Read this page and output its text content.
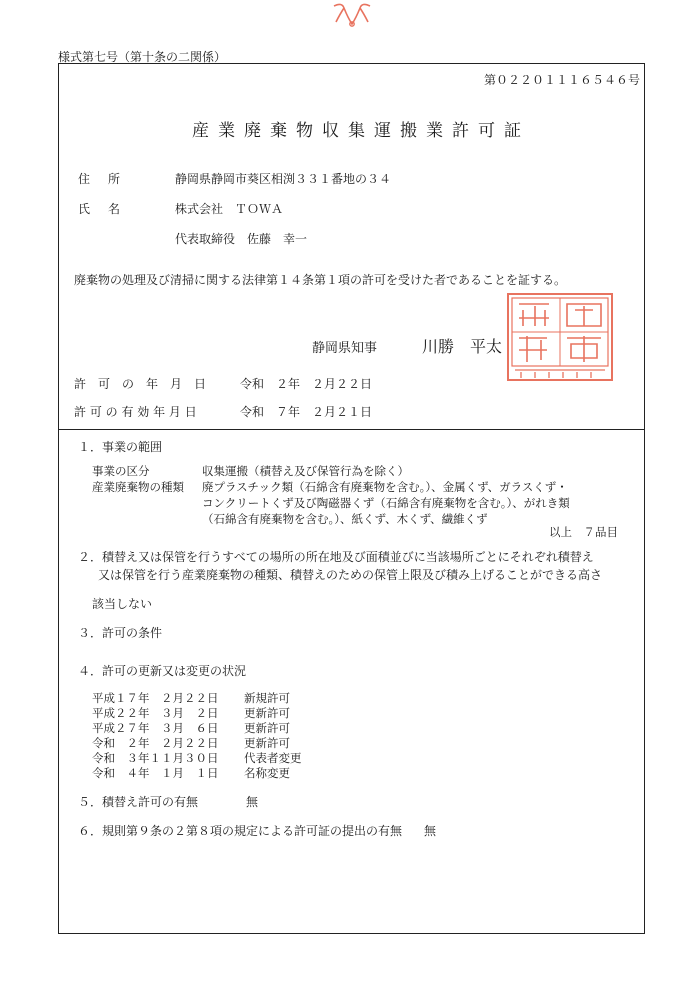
様式第七号（第十条の二関係）
第０２２０１１１６５４６号
産業廃棄物収集運搬業許可証
住 所	静岡県静岡市葵区相渕３３１番地の３４
氏 名	株式会社　ＴＯＷＡ
代表取締役　佐藤　幸一
廃棄物の処理及び清掃に関する法律第１４条第１項の許可を受けた者であることを証する。
静岡県知事	川勝　平太
許　可　の　年　月　日	令和　２年　２月２２日
許 可 の 有 効 年 月 日	令和　７年　２月２１日
１．事業の範囲
事業の区分	収集運搬（積替え及び保管行為を除く）
産業廃棄物の種類 廃プラスチック類（石綿含有廃棄物を含む。）、金属くず、ガラスくず・
コンクリートくず及び陶磁器くず（石綿含有廃棄物を含む。）、がれき類
（石綿含有廃棄物を含む。）、紙くず、木くず、繊維くず
以上　７品目
２．積替え又は保管を行うすべての場所の所在地及び面積並びに当該場所ごとにそれぞれ積替え
又は保管を行う産業廃棄物の種類、積替えのための保管上限及び積み上げることができる高さ
該当しない
３．許可の条件
４．許可の更新又は変更の状況
平成１７年　２月２２日 新規許可
平成２２年　３月　２日 更新許可
平成２７年　３月　６日 更新許可
令和　２年　２月２２日 更新許可
令和　３年１１月３０日 代表者変更
令和　４年　１月　１日 名称変更
５．積替え許可の有無	無
６．規則第９条の２第８項の規定による許可証の提出の有無 無
